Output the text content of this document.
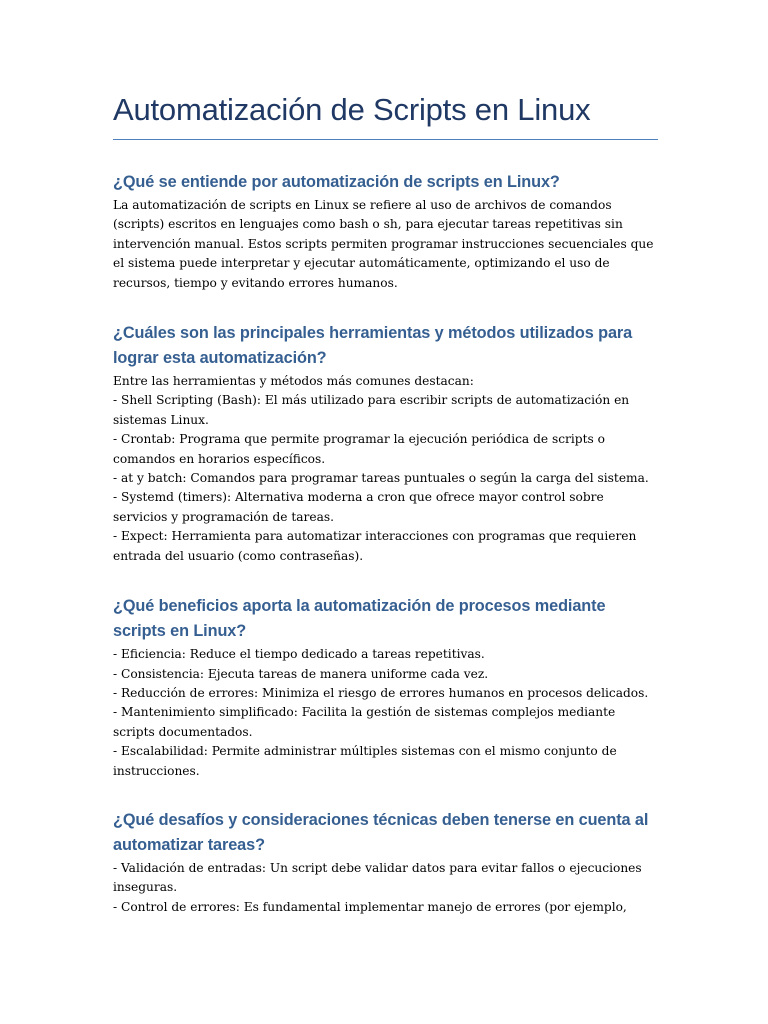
Automatización de Scripts en Linux
¿Qué se entiende por automatización de scripts en Linux?

La automatización de scripts en Linux se refiere al uso de archivos de comandos (scripts) escritos en lenguajes como bash o sh, para ejecutar tareas repetitivas sin intervención manual. Estos scripts permiten programar instrucciones secuenciales que el sistema puede interpretar y ejecutar automáticamente, optimizando el uso de recursos, tiempo y evitando errores humanos.

¿Cuáles son las principales herramientas y métodos utilizados para lograr esta automatización?
Entre las herramientas y métodos más comunes destacan:
- Shell Scripting (Bash): El más utilizado para escribir scripts de automatización en sistemas Linux.
- Crontab: Programa que permite programar la ejecución periódica de scripts o comandos en horarios específicos.
- at y batch: Comandos para programar tareas puntuales o según la carga del sistema.
- Systemd (timers): Alternativa moderna a cron que ofrece mayor control sobre servicios y programación de tareas.
- Expect: Herramienta para automatizar interacciones con programas que requieren entrada del usuario (como contraseñas).
¿Qué beneficios aporta la automatización de procesos mediante scripts en Linux?
- Eficiencia: Reduce el tiempo dedicado a tareas repetitivas.
- Consistencia: Ejecuta tareas de manera uniforme cada vez.
- Reducción de errores: Minimiza el riesgo de errores humanos en procesos delicados.
- Mantenimiento simplificado: Facilita la gestión de sistemas complejos mediante scripts documentados.
- Escalabilidad: Permite administrar múltiples sistemas con el mismo conjunto de instrucciones.
¿Qué desafíos y consideraciones técnicas deben tenerse en cuenta al automatizar tareas?
- Validación de entradas: Un script debe validar datos para evitar fallos o ejecuciones inseguras.
- Control de errores: Es fundamental implementar manejo de errores (por ejemplo,
